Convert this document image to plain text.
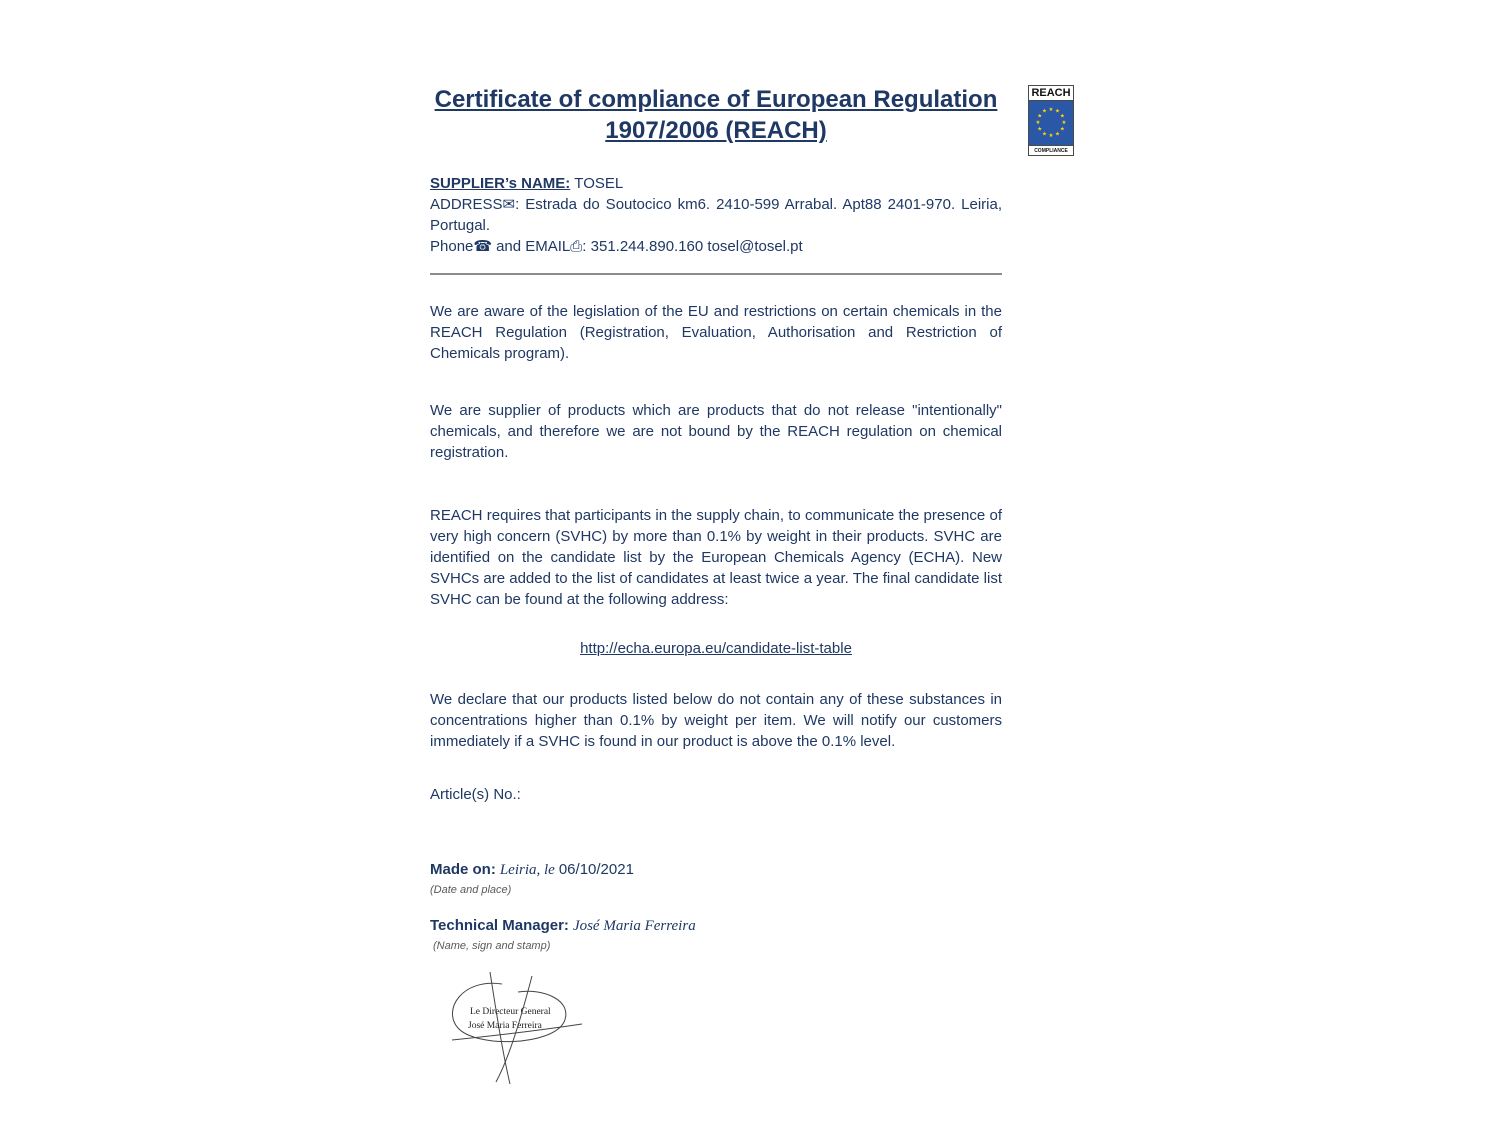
REACH
★ ★
★
★
★
★
★
★
★
★
★
★
COMPLIANCE
Certificate of compliance of European Regulation
1907/2006 (REACH)

SUPPLIER’s NAME: TOSEL

ADDRESS✉: Estrada do Soutocico km6. 2410-599 Arrabal. Apt88 2401-970. Leiria, Portugal.

Phone☎ and EMAIL⎙: 351.244.890.160 tosel@tosel.pt

We are aware of the legislation of the EU and restrictions on certain chemicals in the REACH Regulation (Registration, Evaluation, Authorisation and Restriction of Chemicals program).

We are supplier of products which are products that do not release "intentionally" chemicals, and therefore we are not bound by the REACH regulation on chemical registration.

REACH requires that participants in the supply chain, to communicate the presence of very high concern (SVHC) by more than 0.1% by weight in their products. SVHC are identified on the candidate list by the European Chemicals Agency (ECHA). New SVHCs are added to the list of candidates at least twice a year. The final candidate list SVHC can be found at the following address:

http://echa.europa.eu/candidate-list-table

We declare that our products listed below do not contain any of these substances in concentrations higher than 0.1% by weight per item. We will notify our customers immediately if a SVHC is found in our product is above the 0.1% level.

Article(s) No.:

Made on: Leiria, le 06/10/2021

(Date and place)

Technical Manager: José Maria Ferreira

(Name, sign and stamp)

Le Directeur General
José Maria Ferreira
